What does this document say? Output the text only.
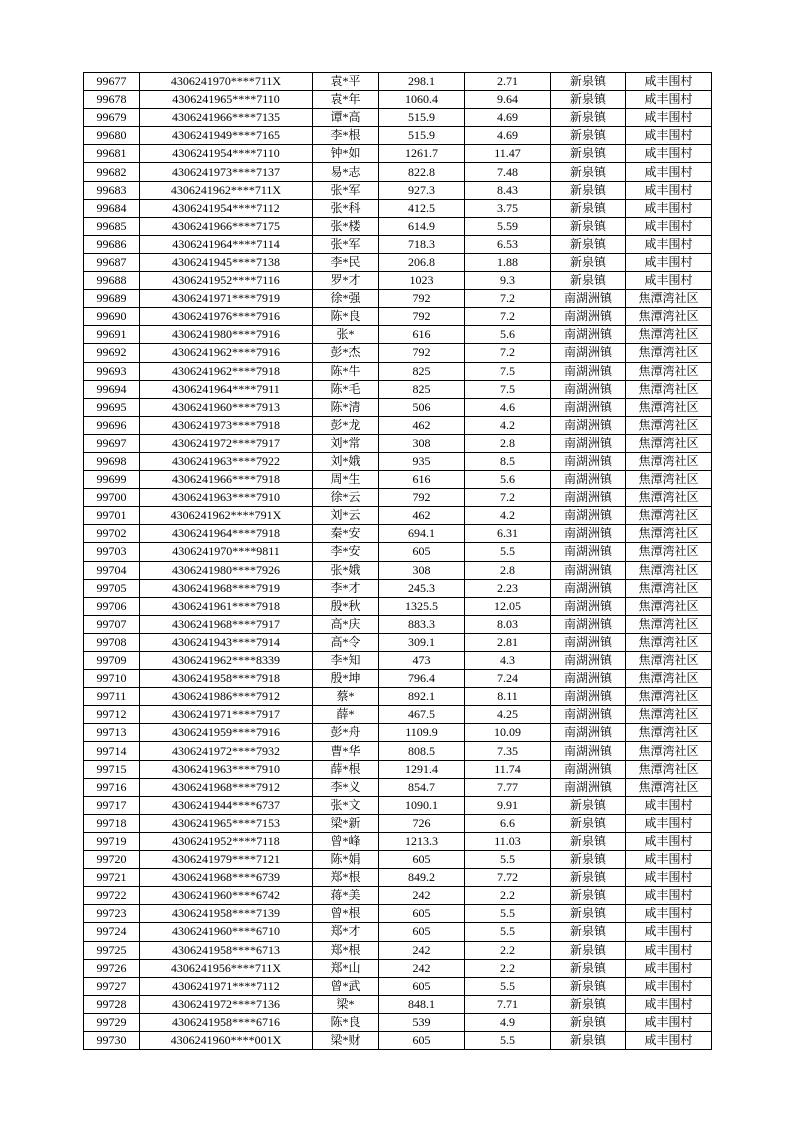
99677	4306241970****711X	袁*平	298.1	2.71	新泉镇	咸丰围村
99678	4306241965****7110	袁*年	1060.4	9.64	新泉镇	咸丰围村
99679	4306241966****7135	谭*高	515.9	4.69	新泉镇	咸丰围村
99680	4306241949****7165	李*根	515.9	4.69	新泉镇	咸丰围村
99681	4306241954****7110	钟*如	1261.7	11.47	新泉镇	咸丰围村
99682	4306241973****7137	易*志	822.8	7.48	新泉镇	咸丰围村
99683	4306241962****711X	张*军	927.3	8.43	新泉镇	咸丰围村
99684	4306241954****7112	张*科	412.5	3.75	新泉镇	咸丰围村
99685	4306241966****7175	张*楼	614.9	5.59	新泉镇	咸丰围村
99686	4306241964****7114	张*军	718.3	6.53	新泉镇	咸丰围村
99687	4306241945****7138	李*民	206.8	1.88	新泉镇	咸丰围村
99688	4306241952****7116	罗*才	1023	9.3	新泉镇	咸丰围村
99689	4306241971****7919	徐*强	792	7.2	南湖洲镇	焦潭湾社区
99690	4306241976****7916	陈*良	792	7.2	南湖洲镇	焦潭湾社区
99691	4306241980****7916	张*	616	5.6	南湖洲镇	焦潭湾社区
99692	4306241962****7916	彭*杰	792	7.2	南湖洲镇	焦潭湾社区
99693	4306241962****7918	陈*牛	825	7.5	南湖洲镇	焦潭湾社区
99694	4306241964****7911	陈*毛	825	7.5	南湖洲镇	焦潭湾社区
99695	4306241960****7913	陈*清	506	4.6	南湖洲镇	焦潭湾社区
99696	4306241973****7918	彭*龙	462	4.2	南湖洲镇	焦潭湾社区
99697	4306241972****7917	刘*常	308	2.8	南湖洲镇	焦潭湾社区
99698	4306241963****7922	刘*娥	935	8.5	南湖洲镇	焦潭湾社区
99699	4306241966****7918	周*生	616	5.6	南湖洲镇	焦潭湾社区
99700	4306241963****7910	徐*云	792	7.2	南湖洲镇	焦潭湾社区
99701	4306241962****791X	刘*云	462	4.2	南湖洲镇	焦潭湾社区
99702	4306241964****7918	秦*安	694.1	6.31	南湖洲镇	焦潭湾社区
99703	4306241970****9811	李*安	605	5.5	南湖洲镇	焦潭湾社区
99704	4306241980****7926	张*娥	308	2.8	南湖洲镇	焦潭湾社区
99705	4306241968****7919	李*才	245.3	2.23	南湖洲镇	焦潭湾社区
99706	4306241961****7918	殷*秋	1325.5	12.05	南湖洲镇	焦潭湾社区
99707	4306241968****7917	高*庆	883.3	8.03	南湖洲镇	焦潭湾社区
99708	4306241943****7914	高*令	309.1	2.81	南湖洲镇	焦潭湾社区
99709	4306241962****8339	李*知	473	4.3	南湖洲镇	焦潭湾社区
99710	4306241958****7918	殷*坤	796.4	7.24	南湖洲镇	焦潭湾社区
99711	4306241986****7912	蔡*	892.1	8.11	南湖洲镇	焦潭湾社区
99712	4306241971****7917	薛*	467.5	4.25	南湖洲镇	焦潭湾社区
99713	4306241959****7916	彭*舟	1109.9	10.09	南湖洲镇	焦潭湾社区
99714	4306241972****7932	曹*华	808.5	7.35	南湖洲镇	焦潭湾社区
99715	4306241963****7910	薛*根	1291.4	11.74	南湖洲镇	焦潭湾社区
99716	4306241968****7912	李*义	854.7	7.77	南湖洲镇	焦潭湾社区
99717	4306241944****6737	张*文	1090.1	9.91	新泉镇	咸丰围村
99718	4306241965****7153	梁*新	726	6.6	新泉镇	咸丰围村
99719	4306241952****7118	曾*峰	1213.3	11.03	新泉镇	咸丰围村
99720	4306241979****7121	陈*娟	605	5.5	新泉镇	咸丰围村
99721	4306241968****6739	郑*根	849.2	7.72	新泉镇	咸丰围村
99722	4306241960****6742	蒋*美	242	2.2	新泉镇	咸丰围村
99723	4306241958****7139	曾*根	605	5.5	新泉镇	咸丰围村
99724	4306241960****6710	郑*才	605	5.5	新泉镇	咸丰围村
99725	4306241958****6713	郑*根	242	2.2	新泉镇	咸丰围村
99726	4306241956****711X	郑*山	242	2.2	新泉镇	咸丰围村
99727	4306241971****7112	曾*武	605	5.5	新泉镇	咸丰围村
99728	4306241972****7136	梁*	848.1	7.71	新泉镇	咸丰围村
99729	4306241958****6716	陈*良	539	4.9	新泉镇	咸丰围村
99730	4306241960****001X	梁*财	605	5.5	新泉镇	咸丰围村
